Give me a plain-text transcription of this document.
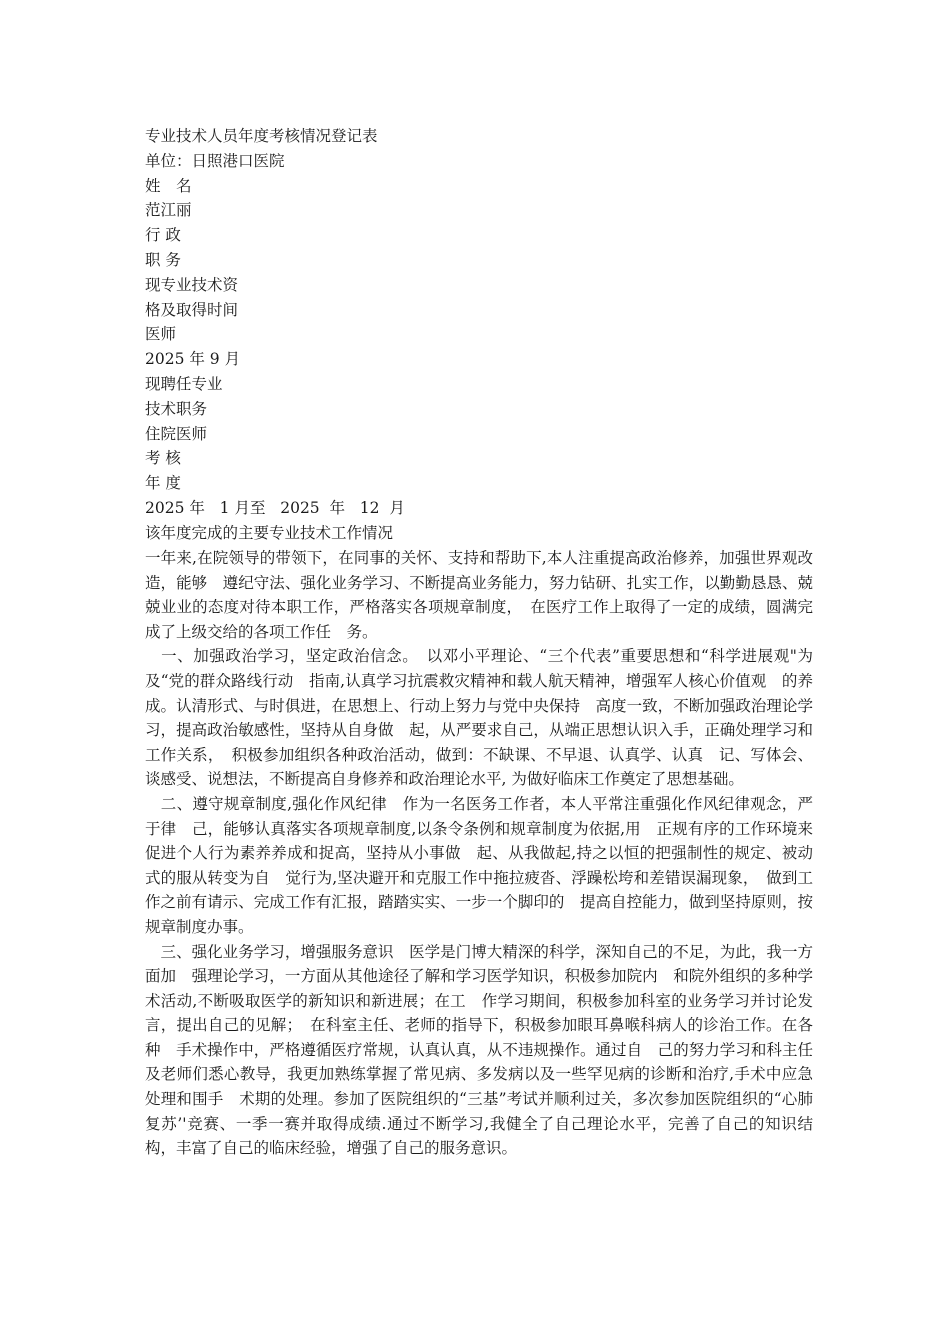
专业技术人员年度考核情况登记表
单位：日照港口医院
姓　名
范江丽
行 政
职 务
现专业技术资
格及取得时间
医师
2025 年 9 月
现聘任专业
技术职务
住院医师
考 核
年 度
2025 年   1 月至   2025  年   12  月
该年度完成的主要专业技术工作情况

一年来,在院领导的带领下，在同事的关怀、支持和帮助下,本人注重提高政治修养，加强世界观改造，能够　遵纪守法、强化业务学习、不断提高业务能力，努力钻研、扎实工作，以勤勤恳恳、兢兢业业的态度对待本职工作，严格落实各项规章制度，　在医疗工作上取得了一定的成绩，圆满完成了上级交给的各项工作任　务。

　一、加强政治学习，坚定政治信念。　以邓小平理论、“三个代表”重要思想和“科学进展观"为及“党的群众路线行动　指南,认真学习抗震救灾精神和载人航天精神，增强军人核心价值观　的养成。认清形式、与时俱进，在思想上、行动上努力与党中央保持　高度一致，不断加强政治理论学习，提高政治敏感性，坚持从自身做　起，从严要求自己，从端正思想认识入手，正确处理学习和工作关系，　积极参加组织各种政治活动，做到：不缺课、不早退、认真学、认真　记、写体会、谈感受、说想法，不断提高自身修养和政治理论水平, 为做好临床工作奠定了思想基础。

　二、遵守规章制度,强化作风纪律　作为一名医务工作者，本人平常注重强化作风纪律观念，严于律　己，能够认真落实各项规章制度,以条令条例和规章制度为依据,用　正规有序的工作环境来促进个人行为素养养成和捉高，坚持从小事做　起、从我做起,持之以恒的把强制性的规定、被动式的服从转变为自　觉行为,坚决避开和克服工作中拖拉疲沓、浮躁松垮和差错误漏现象，　做到工作之前有请示、完成工作有汇报，踏踏实实、一步一个脚印的　提高自控能力，做到坚持原则，按规章制度办事。

　三、强化业务学习，增强服务意识　医学是门博大精深的科学，深知自己的不足，为此，我一方面加　强理论学习，一方面从其他途径了解和学习医学知识，积极参加院内　和院外组织的多种学术活动,不断吸取医学的新知识和新进展；在工　作学习期间，积极参加科室的业务学习并讨论发言，提出自己的见解；　在科室主任、老师的指导下，积极参加眼耳鼻喉科病人的诊治工作。在各种　手术操作中，严格遵循医疗常规，认真认真，从不违规操作。通过自　己的努力学习和科主任及老师们悉心教导，我更加熟练掌握了常见病、多发病以及一些罕见病的诊断和治疗,手术中应急处理和围手　术期的处理。参加了医院组织的“三基”考试并顺利过关，多次参加医院组织的“心肺复苏’'竞赛、一季一赛并取得成绩.通过不断学习,我健全了自己理论水平，完善了自己的知识结　构，丰富了自己的临床经验，增强了自己的服务意识。
